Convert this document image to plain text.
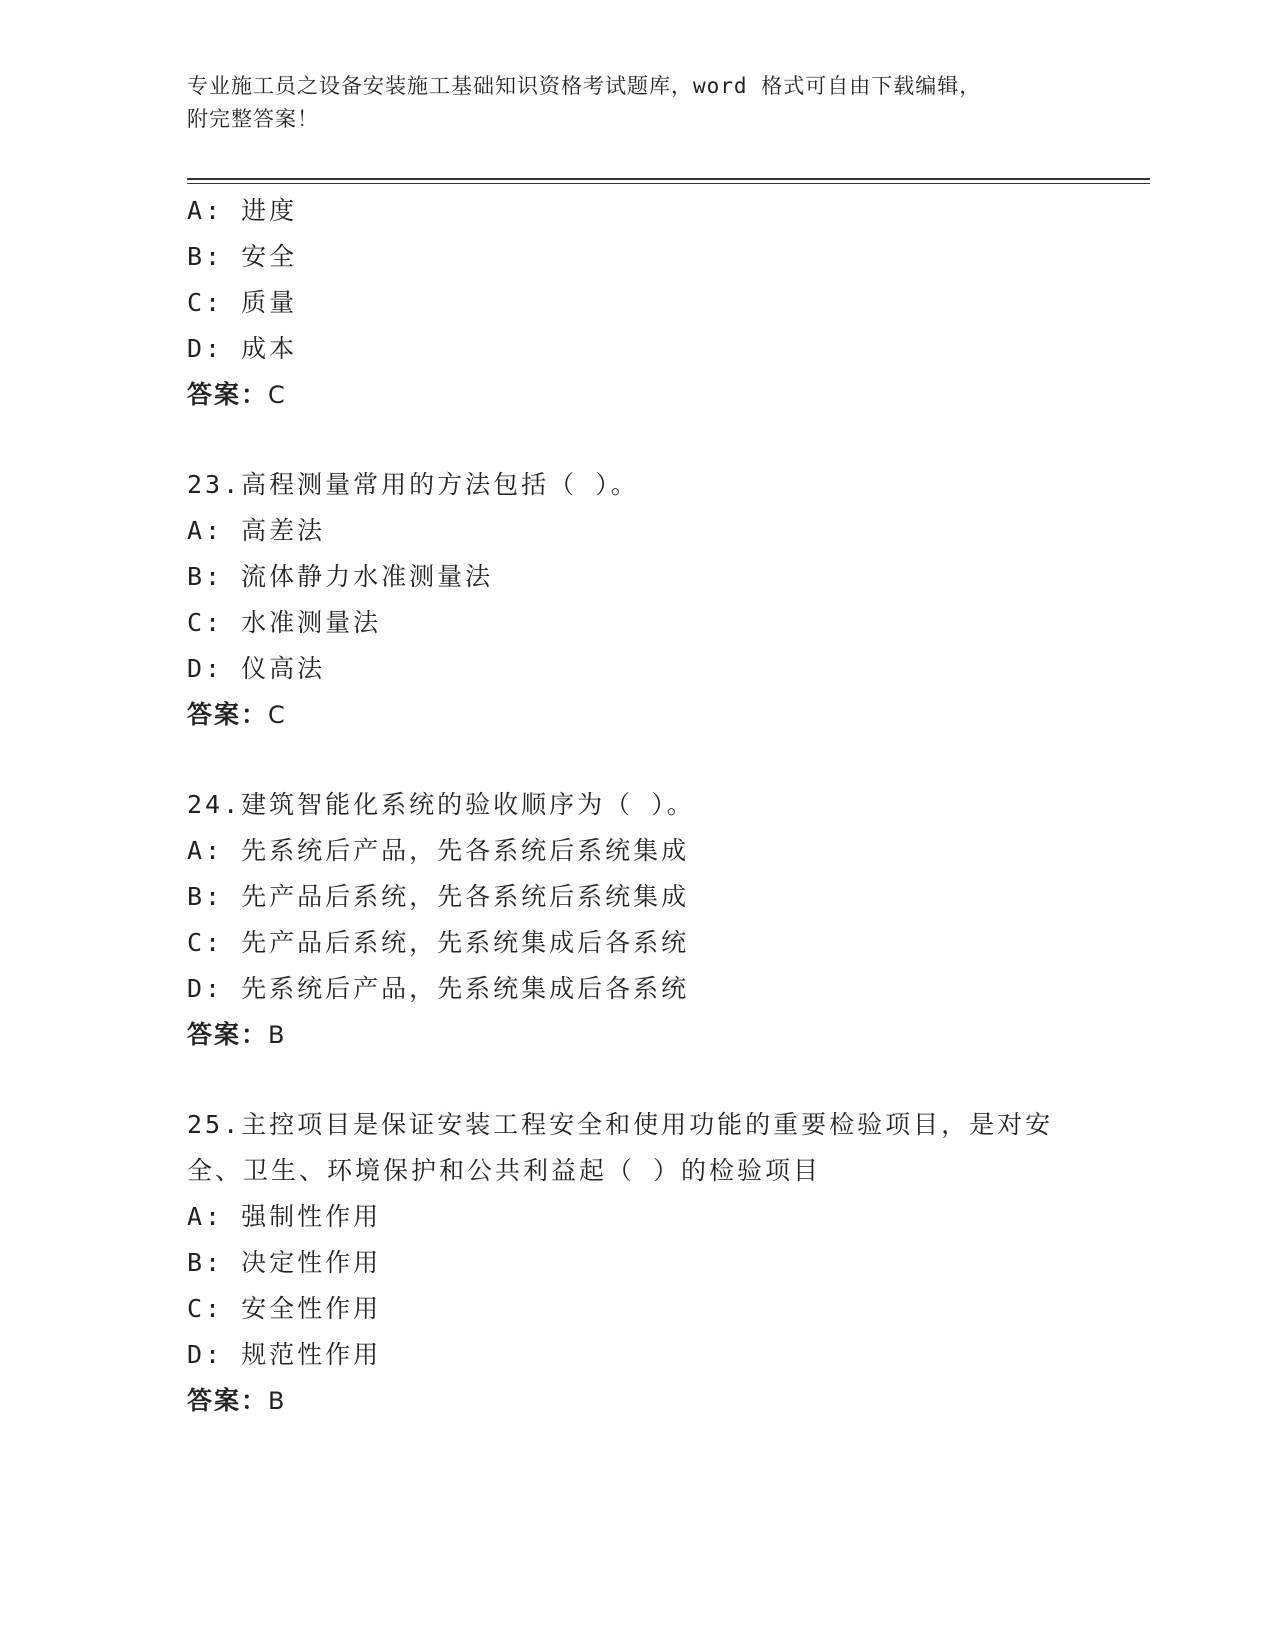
专业施工员之设备安装施工基础知识资格考试题库，word 格式可自由下载编辑，
附完整答案！
A: 进度
B: 安全
C: 质量
D: 成本
答案：C
23.高程测量常用的方法包括（ ）。
A: 高差法
B: 流体静力水准测量法
C: 水准测量法
D: 仪高法
答案：C
24.建筑智能化系统的验收顺序为（ ）。
A: 先系统后产品，先各系统后系统集成
B: 先产品后系统，先各系统后系统集成
C: 先产品后系统，先系统集成后各系统
D: 先系统后产品，先系统集成后各系统
答案：B
25.主控项目是保证安装工程安全和使用功能的重要检验项目，是对安
全、卫生、环境保护和公共利益起（ ）的检验项目
A: 强制性作用
B: 决定性作用
C: 安全性作用
D: 规范性作用
答案：B
